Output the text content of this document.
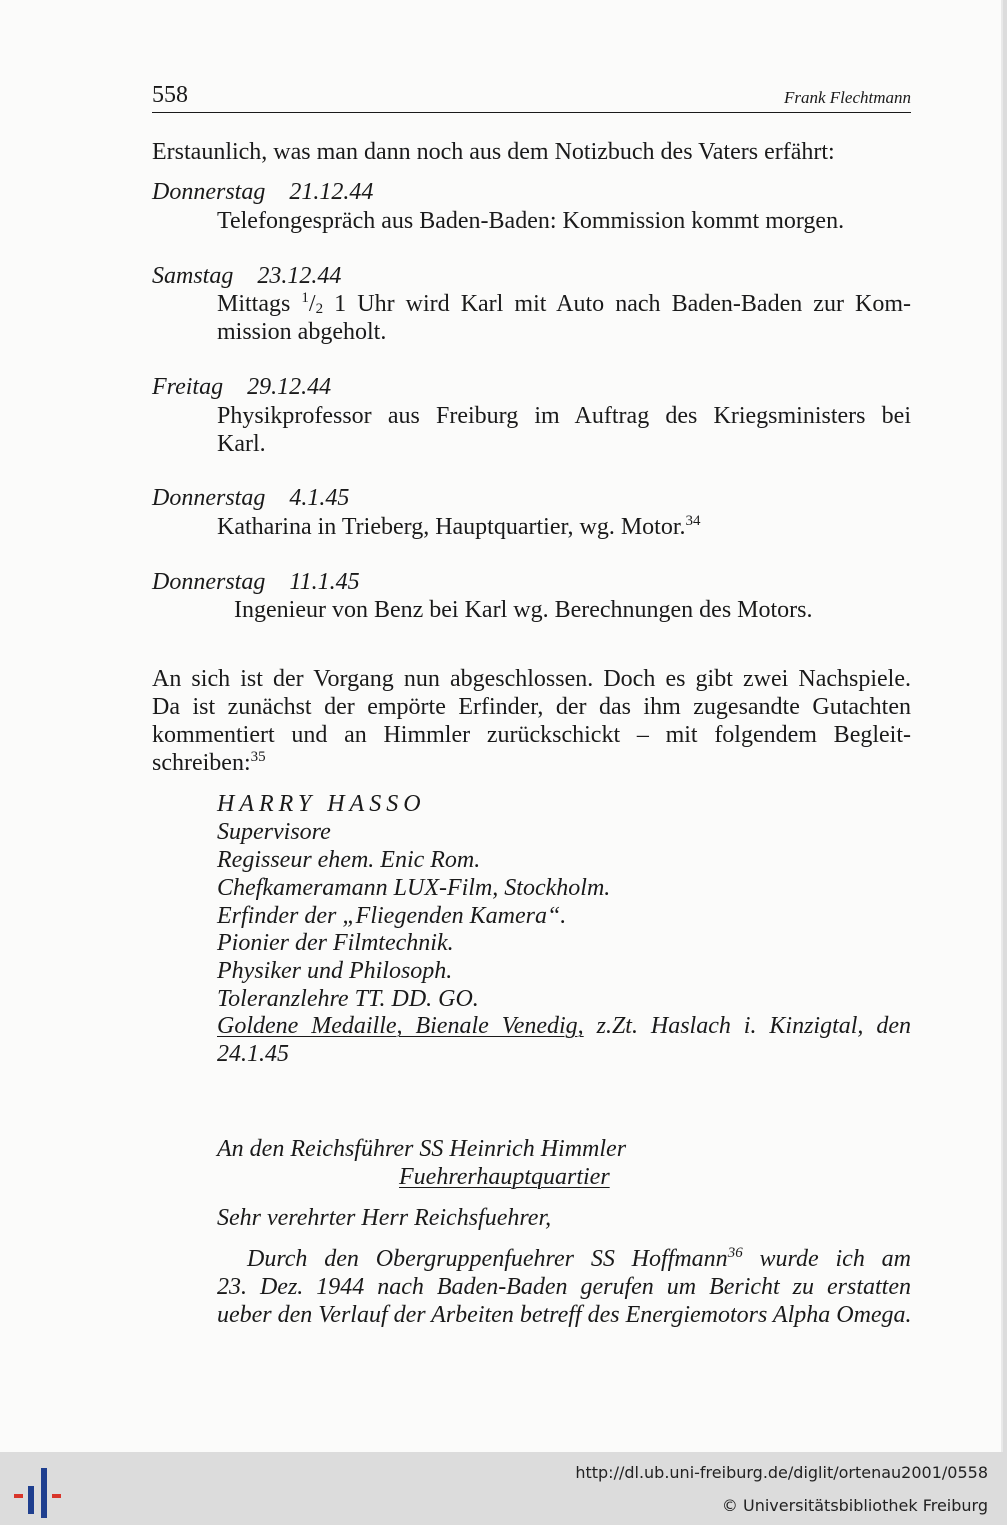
558	Frank Flechtmann
Erstaunlich, was man dann noch aus dem Notizbuch des Vaters erfährt:
Donnerstag 21.12.44
Telefongespräch aus Baden-Baden: Kommission kommt morgen.
Samstag 23.12.44
Mittags $^1$/2 1 Uhr wird Karl mit Auto nach Baden-Baden zur Kom-
mission abgeholt.
Freitag 29.12.44
Physikprofessor aus Freiburg im Auftrag des Kriegsministers bei
Karl.
Donnerstag 4.1.45
Katharina in Trieberg, Hauptquartier, wg. Motor.$^{34}$
Donnerstag 11.1.45
Ingenieur von Benz bei Karl wg. Berechnungen des Motors.
An sich ist der Vorgang nun abgeschlossen. Doch es gibt zwei Nachspiele.
Da ist zunächst der empörte Erfinder, der das ihm zugesandte Gutachten
kommentiert und an Himmler zurückschickt – mit folgendem Begleit-
schreiben:$^{35}$
HARRY HASSO
Supervisore
Regisseur ehem. Enic Rom.
Chefkameramann LUX-Film, Stockholm.
Erfinder der „Fliegenden Kamera“.
Pionier der Filmtechnik.
Physiker und Philosoph.
Toleranzlehre TT. DD. GO.
Goldene Medaille, Bienale Venedig, z.Zt. Haslach i. Kinzigtal, den
24.1.45
An den Reichsführer SS Heinrich Himmler
Fuehrerhauptquartier
Sehr verehrter Herr Reichsfuehrer,
Durch den Obergruppenfuehrer SS Hoffmann$^{36}$ wurde ich am
23. Dez. 1944 nach Baden-Baden gerufen um Bericht zu erstatten
ueber den Verlauf der Arbeiten betreff des Energiemotors Alpha Omega.
http://dl.ub.uni-freiburg.de/diglit/ortenau2001/0558
© Universitätsbibliothek Freiburg
